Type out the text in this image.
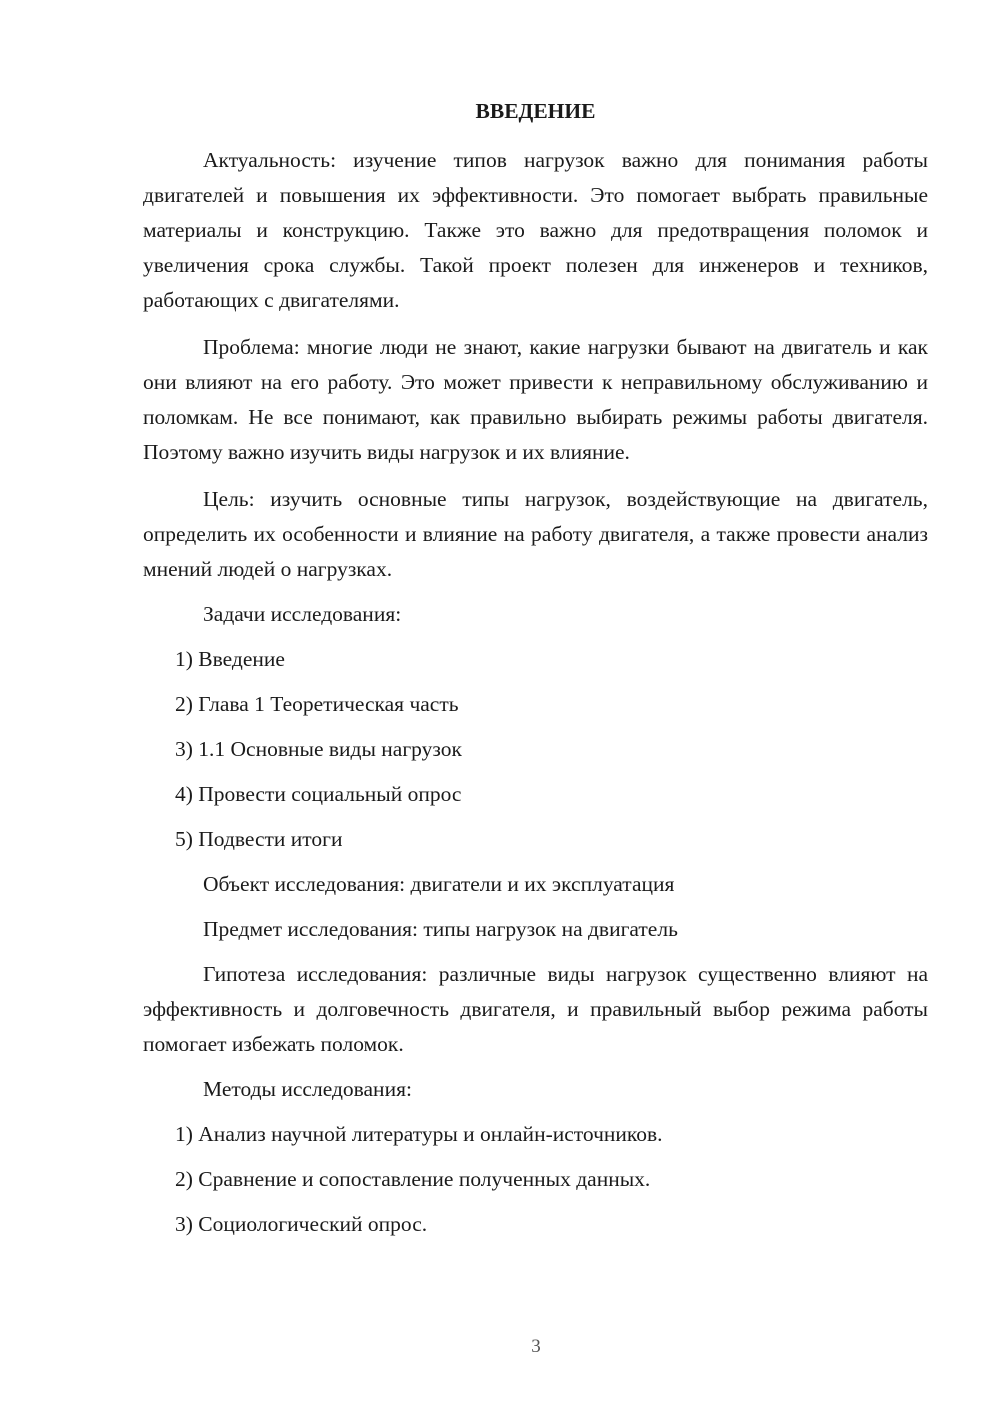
ВВЕДЕНИЕ

Актуальность: изучение типов нагрузок важно для понимания работы двигателей и повышения их эффективности. Это помогает выбрать правильные материалы и конструкцию. Также это важно для предотвращения поломок и увеличения срока службы. Такой проект полезен для инженеров и техников, работающих с двигателями.

Проблема: многие люди не знают, какие нагрузки бывают на двигатель и как они влияют на его работу. Это может привести к неправильному обслуживанию и поломкам. Не все понимают, как правильно выбирать режимы работы двигателя. Поэтому важно изучить виды нагрузок и их влияние.

Цель: изучить основные типы нагрузок, воздействующие на двигатель, определить их особенности и влияние на работу двигателя, а также провести анализ мнений людей о нагрузках.

Задачи исследования:

1) Введение

2) Глава 1 Теоретическая часть

3) 1.1 Основные виды нагрузок

4) Провести социальный опрос

5) Подвести итоги

Объект исследования: двигатели и их эксплуатация

Предмет исследования: типы нагрузок на двигатель

Гипотеза исследования: различные виды нагрузок существенно влияют на эффективность и долговечность двигателя, и правильный выбор режима работы помогает избежать поломок.

Методы исследования:

1) Анализ научной литературы и онлайн-источников.

2) Сравнение и сопоставление полученных данных.

3) Социологический опрос.

3
